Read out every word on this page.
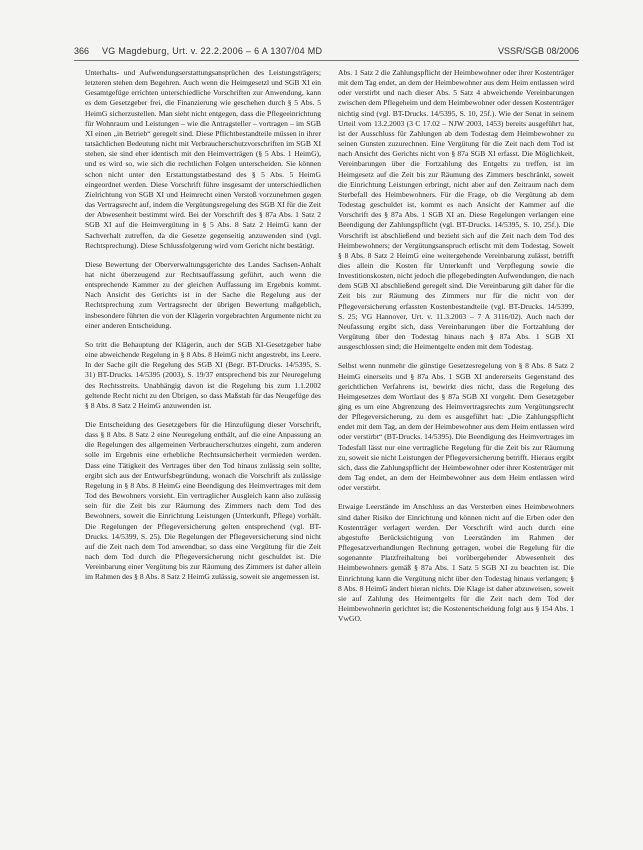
366 VG Magdeburg, Urt. v. 22.2.2006 – 6 A 1307/04 MD	VSSR/SGB 08/2006

Unterhalts- und Aufwendungserstattungsansprüchen des Leistungsträgers; letzteren stehen dem Begehren. Auch wenn die Heimgesetzl und SGB XI ein Gesamtgefüge errichten unterschiedliche Vorschriften zur Anwendung, kann es dem Gesetzgeber frei, die Finanzierung wie geschehen durch § 5 Abs. 5 HeimG sicherzustellen. Man sieht nicht entgegen, dass die Pflegeeinrichtung für Wohnraum und Leistungen – wie die Antragsteller – vortragen – im SGB XI einen „in Betrieb“ geregelt sind. Diese Pflichtbestandteile müssen in ihrer tatsächlichen Bedeutung nicht mit Verbraucherschutzvorschriften im SGB XI stehen, sie sind eher identisch mit den Heimverträgen (§ 5 Abs. 1 HeimG), und es wird so, wie sich die rechtlichen Folgen unterscheiden. Sie können schon nicht unter den Erstattungstatbestand des § 5 Abs. 5 HeimG eingeordnet werden. Diese Vorschrift führe insgesamt der unterschiedlichen Zielrichtung von SGB XI und Heimrecht einen Verstoß vorzunehmen gegen das Vertragsrecht auf, indem die Vergütungsregelung des SGB XI für die Zeit der Abwesenheit bestimmt wird. Bei der Vorschrift des § 87a Abs. 1 Satz 2 SGB XI auf die Heimvergütung in § 5 Abs. 8 Satz 2 HeimG kann der Sachverhalt zutreffen, da die Gesetze gegenseitig anzuwenden sind (vgl. Rechtsprechung). Diese Schlussfolgerung wird vom Gericht nicht bestätigt.

Diese Bewertung der Oberverwaltungsgerichte des Landes Sachsen-Anhalt hat nicht überzeugend zur Rechtsauffassung geführt, auch wenn die entsprechende Kammer zu der gleichen Auffassung im Ergebnis kommt. Nach Ansicht des Gerichts ist in der Sache die Regelung aus der Rechtsprechung zum Vertragsrecht der übrigen Bewertung maßgeblich, insbesondere führten die von der Klägerin vorgebrachten Argumente nicht zu einer anderen Entscheidung.

So tritt die Behauptung der Klägerin, auch der SGB XI-Gesetzgeber habe eine abweichende Regelung in § 8 Abs. 8 HeimG nicht angestrebt, ins Leere. In der Sache gilt die Regelung des SGB XI (Begr. BT-Drucks. 14/5395, S. 31) BT-Drucks. 14/5395 (2003), S. 19/37 entsprechend bis zur Neuregelung des Rechtsstreits. Unabhängig davon ist die Regelung bis zum 1.1.2002 geltende Recht nicht zu den Übrigen, so dass Maßstab für das Neugefüge des § 8 Abs. 8 Satz 2 HeimG anzuwenden ist.

Die Entscheidung des Gesetzgebers für die Hinzufügung dieser Vorschrift, dass § 8 Abs. 8 Satz 2 eine Neuregelung enthält, auf die eine Anpassung an die Regelungen des allgemeinen Verbraucherschutzes eingeht, zum anderen solle im Ergebnis eine erhebliche Rechtsunsicherheit vermieden werden. Dass eine Tätigkeit des Vertrages über den Tod hinaus zulässig sein sollte, ergibt sich aus der Entwurfsbegründung, wonach die Vorschrift als zulässige Regelung in § 8 Abs. 8 HeimG eine Beendigung des Heimvertrages mit dem Tod des Bewohners vorsieht. Ein vertraglicher Ausgleich kann also zulässig sein für die Zeit bis zur Räumung des Zimmers nach dem Tod des Bewohners, soweit die Einrichtung Leistungen (Unterkunft, Pflege) vorhält. Die Regelungen der Pflegeversicherung gelten entsprechend (vgl. BT-Drucks. 14/5399, S. 25). Die Regelungen der Pflegeversicherung sind nicht auf die Zeit nach dem Tod anwendbar, so dass eine Vergütung für die Zeit nach dem Tod durch die Pflegeversicherung nicht geschuldet ist. Die Vereinbarung einer Vergütung bis zur Räumung des Zimmers ist daher allein im Rahmen des § 8 Abs. 8 Satz 2 HeimG zulässig, soweit sie angemessen ist.

Abs. 1 Satz 2 die Zahlungspflicht der Heimbewohner oder ihrer Kostenträger mit dem Tag endet, an dem der Heimbewohner aus dem Heim entlassen wird oder verstirbt und nach dieser Abs. 5 Satz 4 abweichende Vereinbarungen zwischen dem Pflegeheim und dem Heimbewohner oder dessen Kostenträger nichtig sind (vgl. BT-Drucks. 14/5395, S. 10, 25f.). Wie der Senat in seinem Urteil vom 13.2.2003 (3 C 17.02 – NJW 2003, 1453) bereits ausgeführt hat, ist der Ausschluss für Zahlungen ab dem Todestag dem Heimbewohner zu seinen Gunsten zuzurechnen. Eine Vergütung für die Zeit nach dem Tod ist nach Ansicht des Gerichts nicht von § 87a SGB XI erfasst. Die Möglichkeit, Vereinbarungen über die Fortzahlung des Entgelts zu treffen, ist im Heimgesetz auf die Zeit bis zur Räumung des Zimmers beschränkt, soweit die Einrichtung Leistungen erbringt, nicht aber auf den Zeitraum nach dem Sterbefall des Heimbewohners. Für die Frage, ob die Vergütung ab dem Todestag geschuldet ist, kommt es nach Ansicht der Kammer auf die Vorschrift des § 87a Abs. 1 SGB XI an. Diese Regelungen verlangen eine Beendigung der Zahlungspflicht (vgl. BT-Drucks. 14/5395, S. 10, 25f.). Die Vorschrift ist abschließend und bezieht sich auf die Zeit nach dem Tod des Heimbewohners; der Vergütungsanspruch erlischt mit dem Todestag. Soweit § 8 Abs. 8 Satz 2 HeimG eine weitergehende Vereinbarung zulässt, betrifft dies allein die Kosten für Unterkunft und Verpflegung sowie die Investitionskosten, nicht jedoch die pflegebedingten Aufwendungen, die nach dem SGB XI abschließend geregelt sind. Die Vereinbarung gilt daher für die Zeit bis zur Räumung des Zimmers nur für die nicht von der Pflegeversicherung erfassten Kostenbestandteile (vgl. BT-Drucks. 14/5399, S. 25; VG Hannover, Urt. v. 11.3.2003 – 7 A 3116/02). Auch nach der Neufassung ergibt sich, dass Vereinbarungen über die Fortzahlung der Vergütung über den Todestag hinaus nach § 87a Abs. 1 SGB XI ausgeschlossen sind; die Heimentgelte enden mit dem Todestag.

Selbst wenn nunmehr die günstige Gesetzesregelung von § 8 Abs. 8 Satz 2 HeimG einerseits und § 87a Abs. 1 SGB XI andererseits Gegenstand des gerichtlichen Verfahrens ist, bewirkt dies nicht, dass die Regelung des Heimgesetzes dem Wortlaut des § 87a SGB XI vorgeht. Dem Gesetzgeber ging es um eine Abgrenzung des Heimvertragsrechts zum Vergütungsrecht der Pflegeversicherung, zu dem es ausgeführt hat: „Die Zahlungspflicht endet mit dem Tag, an dem der Heimbewohner aus dem Heim entlassen wird oder verstirbt“ (BT-Drucks. 14/5395). Die Beendigung des Heimvertrages im Todesfall lässt nur eine vertragliche Regelung für die Zeit bis zur Räumung zu, soweit sie nicht Leistungen der Pflegeversicherung betrifft. Hieraus ergibt sich, dass die Zahlungspflicht der Heimbewohner oder ihrer Kostenträger mit dem Tag endet, an dem der Heimbewohner aus dem Heim entlassen wird oder verstirbt.

Etwaige Leerstände im Anschluss an das Versterben eines Heimbewohners sind daher Risiko der Einrichtung und können nicht auf die Erben oder den Kostenträger verlagert werden. Der Vorschrift wird auch durch eine abgestufte Berücksichtigung von Leerständen im Rahmen der Pflegesatzverhandlungen Rechnung getragen, wobei die Regelung für die sogenannte Platzfreihaltung bei vorübergehender Abwesenheit des Heimbewohners gemäß § 87a Abs. 1 Satz 5 SGB XI zu beachten ist. Die Einrichtung kann die Vergütung nicht über den Todestag hinaus verlangen; § 8 Abs. 8 HeimG ändert hieran nichts. Die Klage ist daher abzuweisen, soweit sie auf Zahlung des Heimentgelts für die Zeit nach dem Tod der Heimbewohnerin gerichtet ist; die Kostenentscheidung folgt aus § 154 Abs. 1 VwGO.
